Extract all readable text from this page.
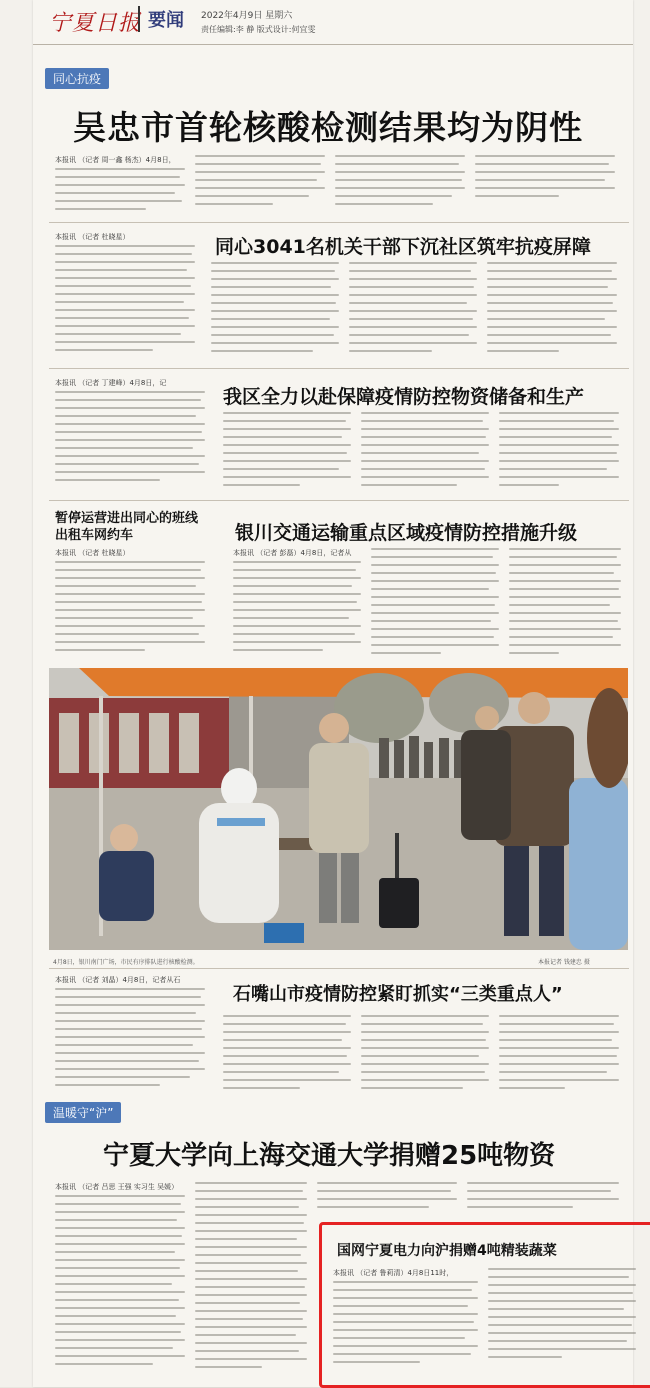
宁夏日报 要闻 2022年4月9日 星期六
责任编辑:李 静 版式设计:何宜雯
同心抗疫
吴忠市首轮核酸检测结果均为阴性
本报讯 （记者 周一鑫 杨杰）4月8日，
同心3041名机关干部下沉社区筑牢抗疫屏障
本报讯 （记者 杜晓星）
我区全力以赴保障疫情防控物资储备和生产
本报讯 （记者 丁建峰）4月8日，记
暂停运营进出同心的班线出租车网约车
本报讯 （记者 杜晓星）
银川交通运输重点区域疫情防控措施升级
本报讯 （记者 彭磊）4月8日，记者从
4月8日，银川南门广场，市民有序排队进行核酸检测。	本报记者 钱建忠 摄
石嘴山市疫情防控紧盯抓实“三类重点人”
本报讯 （记者 刘晶）4月8日，记者从石
温暖守“沪”
宁夏大学向上海交通大学捐赠25吨物资
本报讯 （记者 吕思 王强 实习生 吴媛）
国网宁夏电力向沪捐赠4吨精装蔬菜
本报讯 （记者 鲁莉清）4月8日11时，
